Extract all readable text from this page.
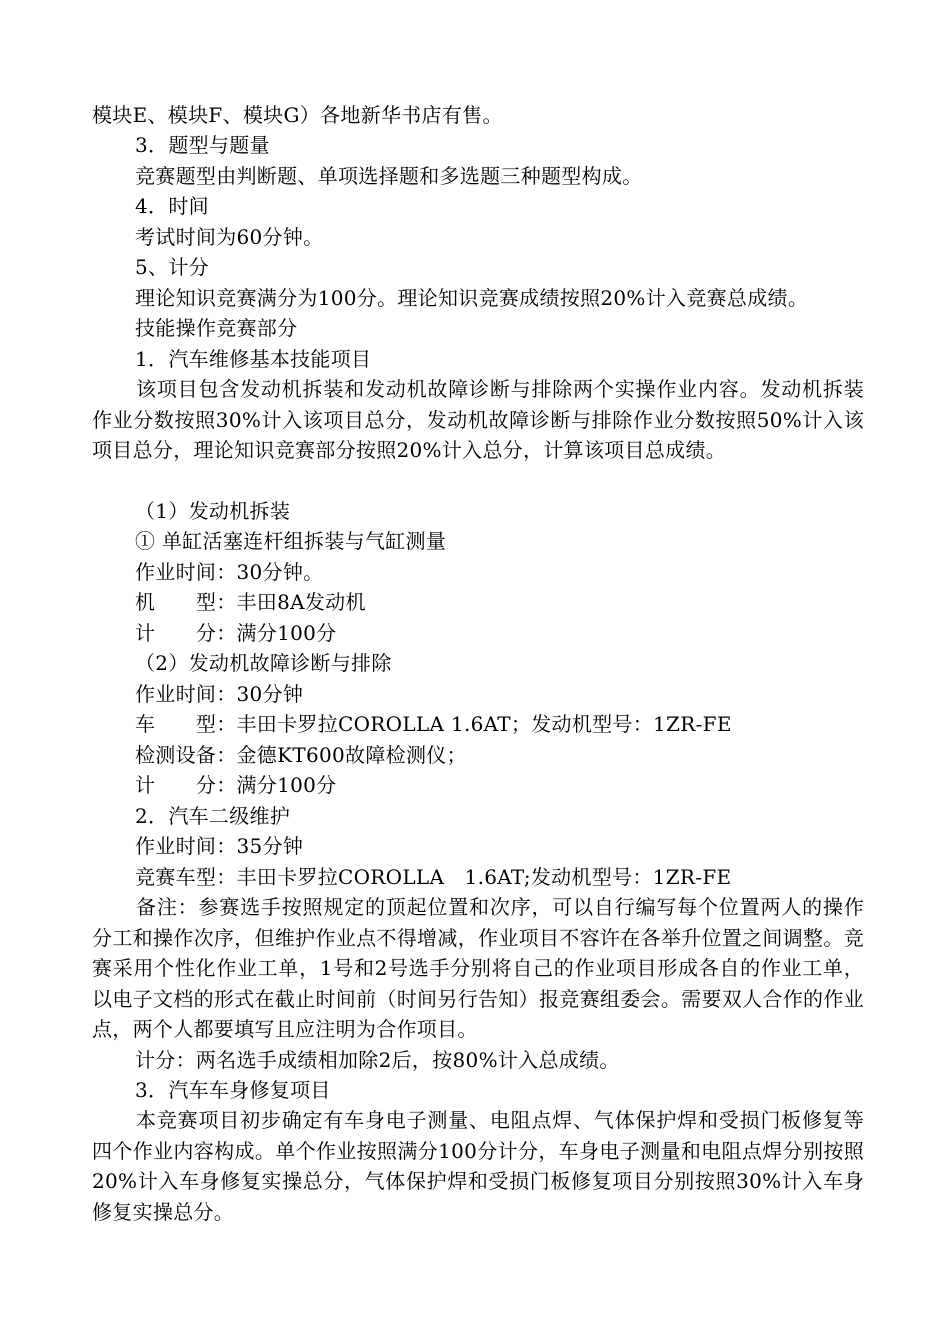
模块E、模块F、模块G）各地新华书店有售。
3．题型与题量
竞赛题型由判断题、单项选择题和多选题三种题型构成。
4．时间
考试时间为60分钟。
5、计分
理论知识竞赛满分为100分。理论知识竞赛成绩按照20%计入竞赛总成绩。
技能操作竞赛部分
1．汽车维修基本技能项目
该项目包含发动机拆装和发动机故障诊断与排除两个实操作业内容。发动机拆装作业分数按照30%计入该项目总分，发动机故障诊断与排除作业分数按照50%计入该项目总分，理论知识竞赛部分按照20%计入总分，计算该项目总成绩。
（1）发动机拆装
① 单缸活塞连杆组拆装与气缸测量
作业时间：30分钟。
机　　型：丰田8A发动机
计　　分：满分100分
（2）发动机故障诊断与排除
作业时间：30分钟
车　　型：丰田卡罗拉COROLLA 1.6AT；发动机型号：1ZR-FE
检测设备：金德KT600故障检测仪；
计　　分：满分100分
2．汽车二级维护
作业时间：35分钟
竞赛车型：丰田卡罗拉COROLLA　1.6AT;发动机型号：1ZR-FE
备注：参赛选手按照规定的顶起位置和次序，可以自行编写每个位置两人的操作分工和操作次序，但维护作业点不得增减，作业项目不容许在各举升位置之间调整。竞赛采用个性化作业工单，1号和2号选手分别将自己的作业项目形成各自的作业工单，以电子文档的形式在截止时间前（时间另行告知）报竞赛组委会。需要双人合作的作业点，两个人都要填写且应注明为合作项目。
计分：两名选手成绩相加除2后，按80%计入总成绩。
3．汽车车身修复项目
本竞赛项目初步确定有车身电子测量、电阻点焊、气体保护焊和受损门板修复等四个作业内容构成。单个作业按照满分100分计分，车身电子测量和电阻点焊分别按照20%计入车身修复实操总分，气体保护焊和受损门板修复项目分别按照30%计入车身修复实操总分。
